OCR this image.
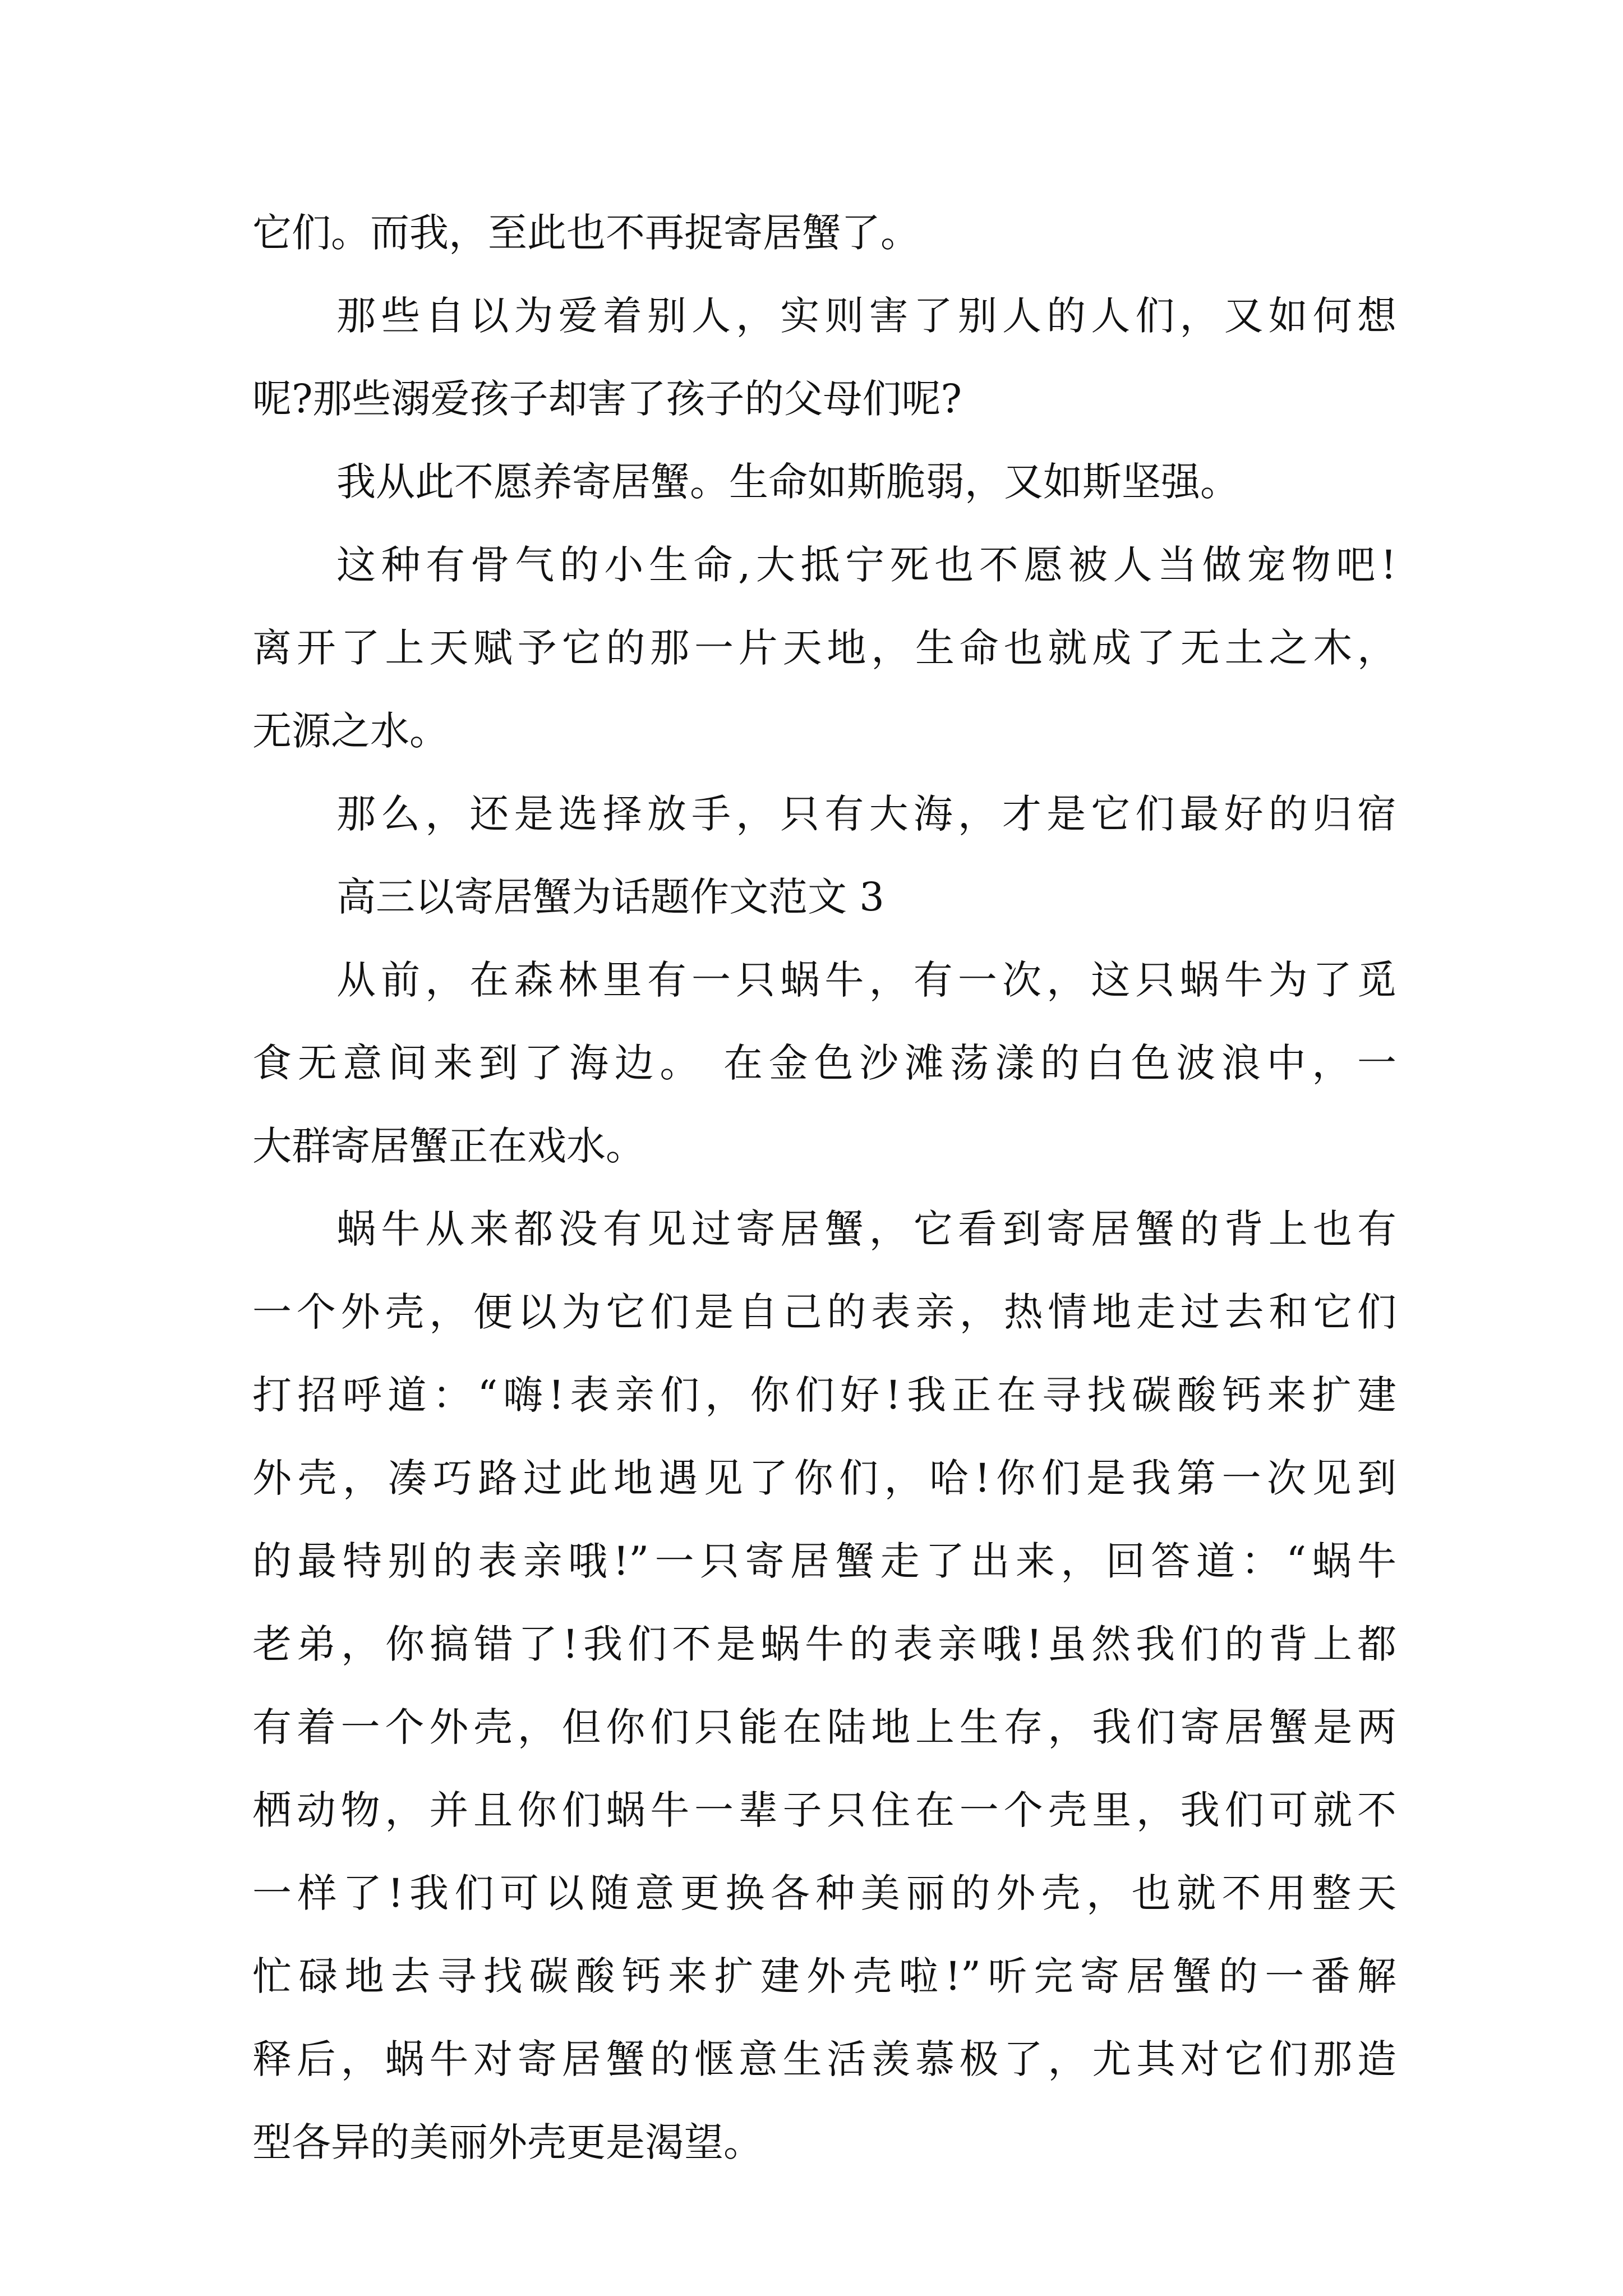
它们。而我，至此也不再捉寄居蟹了。
那些自以为爱着别人，实则害了别人的人们，又如何想
呢?那些溺爱孩子却害了孩子的父母们呢?
我从此不愿养寄居蟹。生命如斯脆弱，又如斯坚强。
这种有骨气的小生命,大抵宁死也不愿被人当做宠物吧!
离开了上天赋予它的那一片天地，生命也就成了无土之木，
无源之水。
那么，还是选择放手，只有大海，才是它们最好的归宿
高三以寄居蟹为话题作文范文 3
从前，在森林里有一只蜗牛，有一次，这只蜗牛为了觅
食无意间来到了海边。 在金色沙滩荡漾的白色波浪中，一
大群寄居蟹正在戏水。
蜗牛从来都没有见过寄居蟹，它看到寄居蟹的背上也有
一个外壳，便以为它们是自己的表亲，热情地走过去和它们
打招呼道：“嗨!表亲们，你们好!我正在寻找碳酸钙来扩建
外壳，凑巧路过此地遇见了你们，哈!你们是我第一次见到
的最特别的表亲哦!”一只寄居蟹走了出来，回答道：“蜗牛
老弟，你搞错了!我们不是蜗牛的表亲哦!虽然我们的背上都
有着一个外壳，但你们只能在陆地上生存，我们寄居蟹是两
栖动物，并且你们蜗牛一辈子只住在一个壳里，我们可就不
一样了!我们可以随意更换各种美丽的外壳，也就不用整天
忙碌地去寻找碳酸钙来扩建外壳啦!”听完寄居蟹的一番解
释后，蜗牛对寄居蟹的惬意生活羡慕极了，尤其对它们那造
型各异的美丽外壳更是渴望。
